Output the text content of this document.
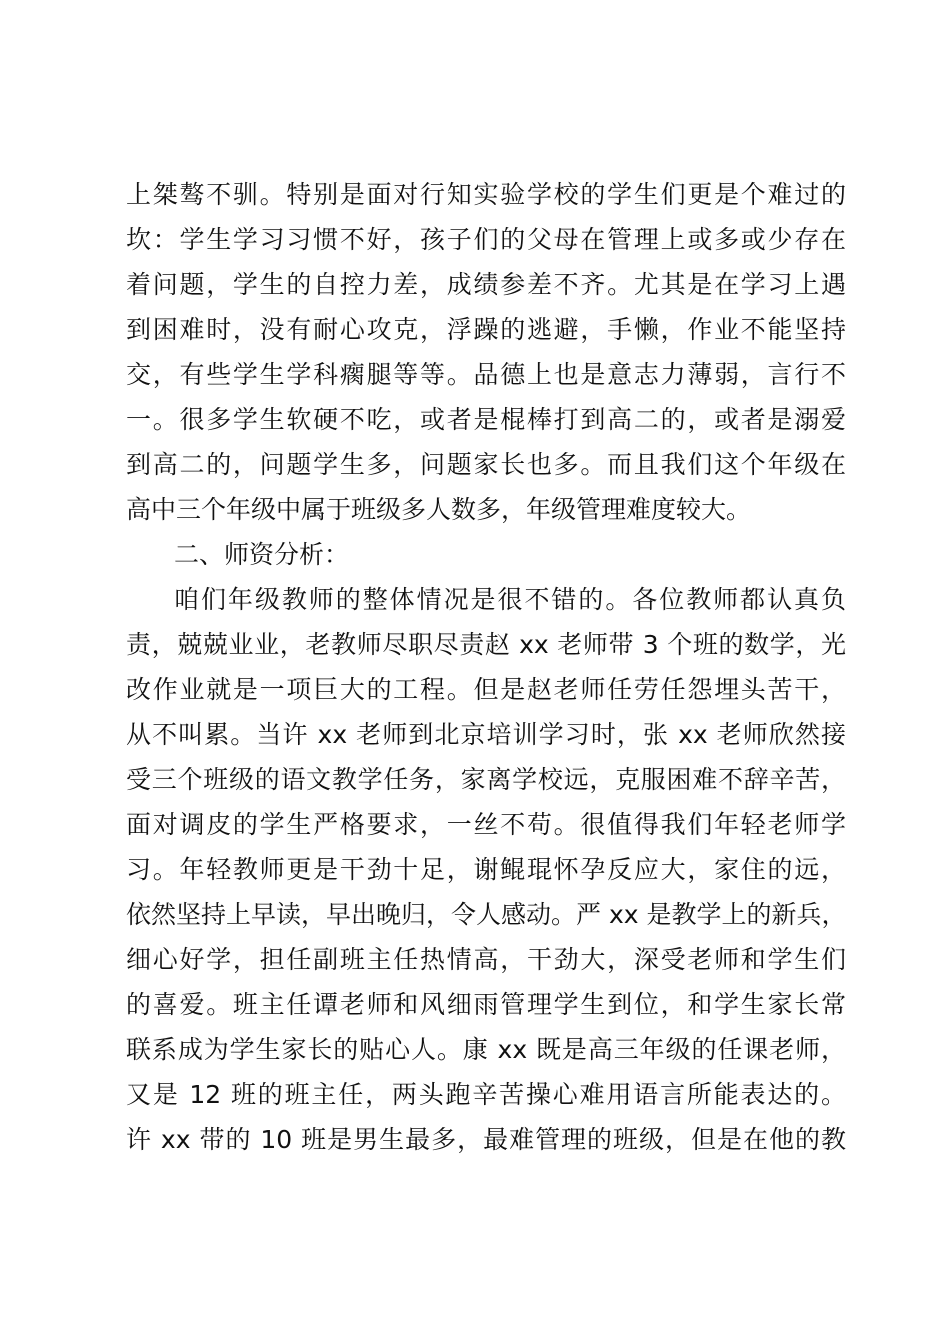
上桀骜不驯。特别是面对行知实验学校的学生们更是个难过的
坎：学生学习习惯不好，孩子们的父母在管理上或多或少存在
着问题，学生的自控力差，成绩参差不齐。尤其是在学习上遇
到困难时，没有耐心攻克，浮躁的逃避，手懒，作业不能坚持
交，有些学生学科瘸腿等等。品德上也是意志力薄弱，言行不
一。很多学生软硬不吃，或者是棍棒打到高二的，或者是溺爱
到高二的，问题学生多，问题家长也多。而且我们这个年级在
高中三个年级中属于班级多人数多，年级管理难度较大。
二、师资分析：
咱们年级教师的整体情况是很不错的。各位教师都认真负
责，兢兢业业，老教师尽职尽责赵 xx 老师带 3 个班的数学，光
改作业就是一项巨大的工程。但是赵老师任劳任怨埋头苦干，
从不叫累。当许 xx 老师到北京培训学习时，张 xx 老师欣然接
受三个班级的语文教学任务，家离学校远，克服困难不辞辛苦，
面对调皮的学生严格要求，一丝不苟。很值得我们年轻老师学
习。年轻教师更是干劲十足，谢鲲琨怀孕反应大，家住的远，
依然坚持上早读，早出晚归，令人感动。严 xx 是教学上的新兵，
细心好学，担任副班主任热情高，干劲大，深受老师和学生们
的喜爱。班主任谭老师和风细雨管理学生到位，和学生家长常
联系成为学生家长的贴心人。康 xx 既是高三年级的任课老师，
又是 12 班的班主任，两头跑辛苦操心难用语言所能表达的。
许 xx 带的 10 班是男生最多，最难管理的班级，但是在他的教
